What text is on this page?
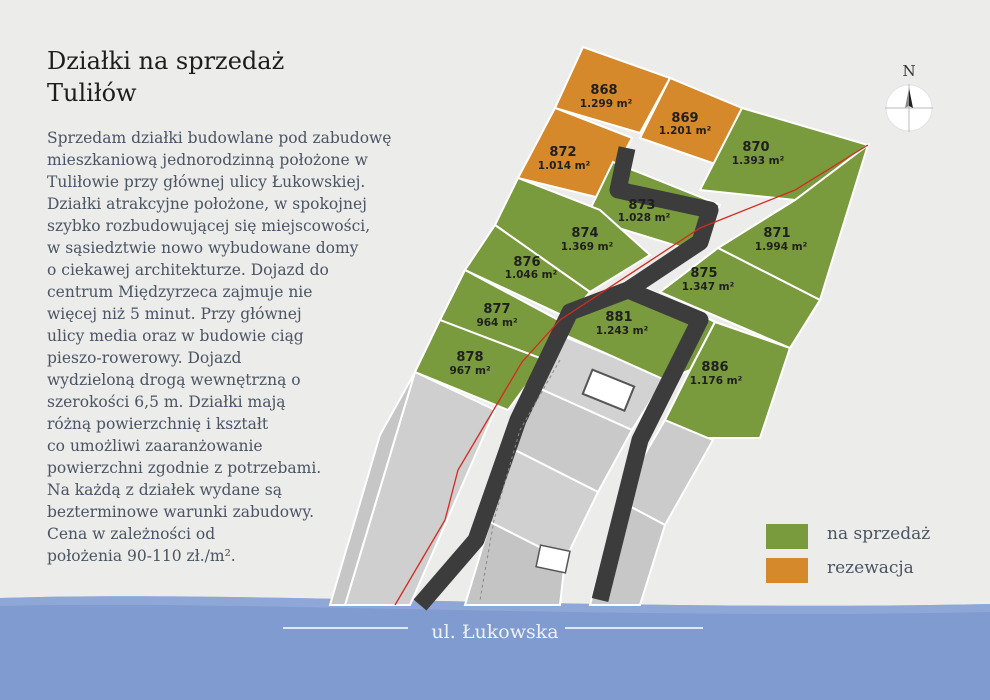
Działki na sprzedaż
Tulіłów
Sprzedam działki budowlane pod zabudowę
mieszkaniową jednorodzinną położone w
Tulіłowie przy głównej ulicy Łukowskiej.
Działki atrakcyjne położone, w spokojnej
szybko rozbudowującej się miejscowości,
w sąsiedztwie nowo wybudowane domy
o ciekawej architekturze. Dojazd do
centrum Międzyrzeca zajmuje nie
więcej niż 5 minut. Przy głównej
ulicy media oraz w budowie ciąg
pieszo-rowerowy. Dojazd
wydzieloną drogą wewnętrzną o
szerokości 6,5 m. Działki mają
różną powierzchnię i kształt
co umożliwi zaaranżowanie
powierzchni zgodnie z potrzebami.
Na każdą z działek wydane są
bezterminowe warunki zabudowy.
Cena w zależności od
położenia 90-110 zł./m².
868
1.299 m²
869
1.201 m²
872
1.014 m²
870
1.393 m²
873
1.028 m²
874
1.369 m²
871
1.994 m²
876
1.046 m²	875
1.347 m²
877
964 m²	881
1.243 m²
878
967 m²	886
1.176 m²
N
na sprzedaż
rezewacja
ul. Łukowska
